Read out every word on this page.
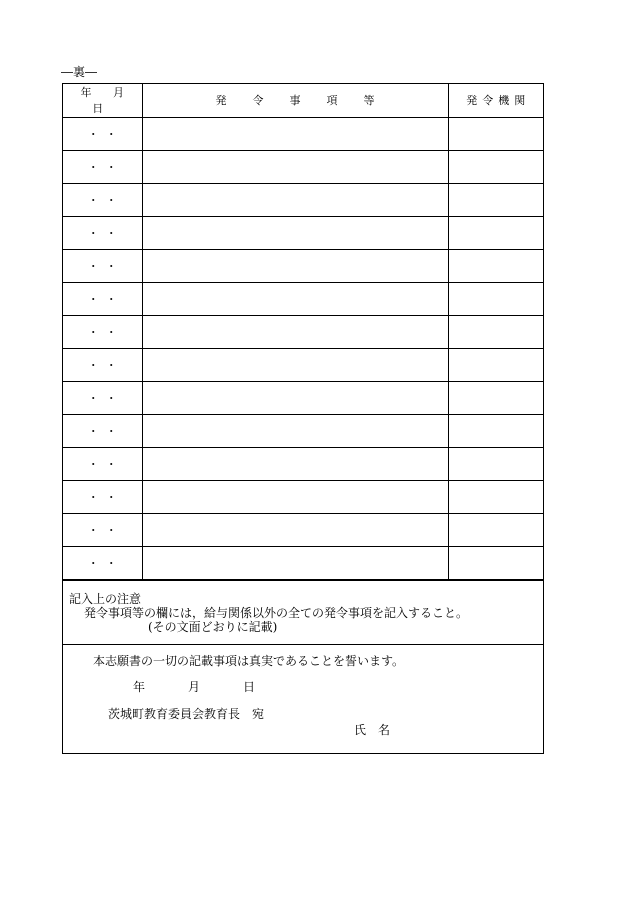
―裏―
年 月 日	発令事項等	発令機関
・  ・		
・  ・		
・  ・		
・  ・		
・  ・		
・  ・		
・  ・		
・  ・		
・  ・		
・  ・		
・  ・		
・  ・		
・  ・		
・  ・		
記入上の注意
発令事項等の欄には，給与関係以外の全ての発令事項を記入すること。
(その文面どおりに記載)
本志願書の一切の記載事項は真実であることを誓います。
年	月	日
茨城町教育委員会教育長 宛
氏名
